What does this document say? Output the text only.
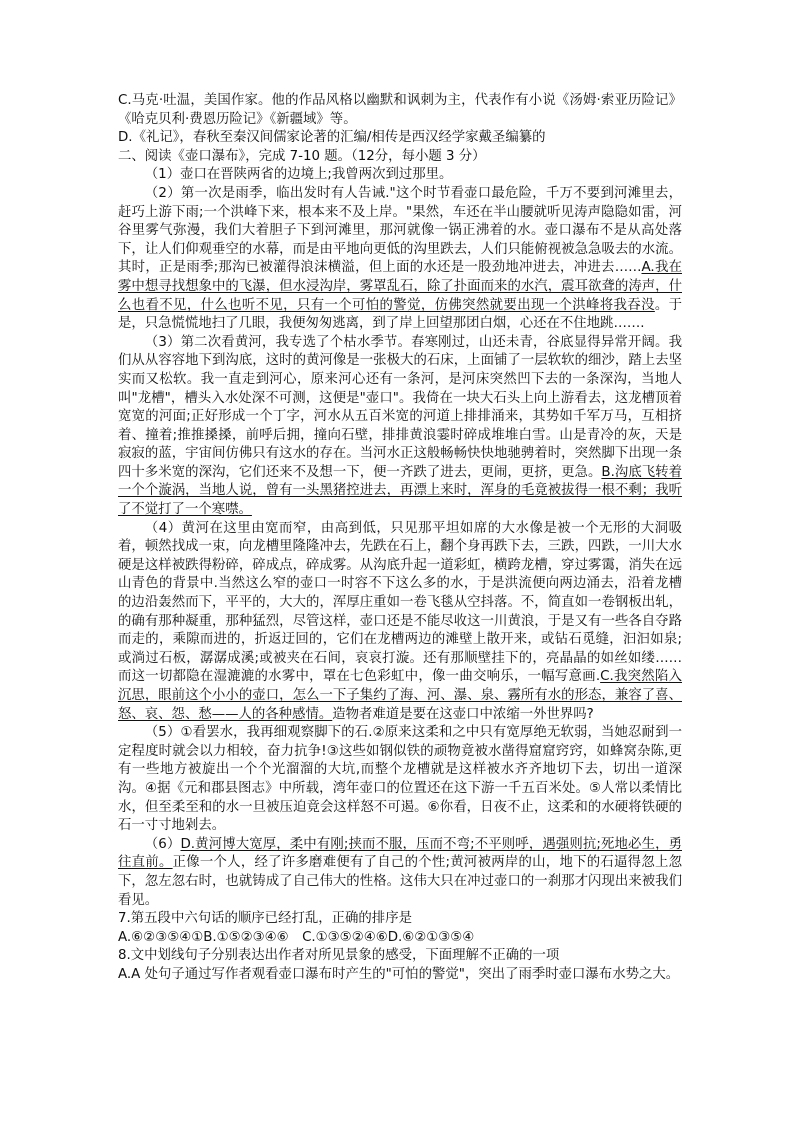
C.马克·吐温，美国作家。他的作品风格以幽默和讽刺为主，代表作有小说《汤姆·索亚历险记》《哈克贝利·费恩历险记》《新疆域》等。

D.《礼记》，春秋至秦汉间儒家论著的汇编/相传是西汉经学家戴圣编纂的

二、阅读《壶口瀑布》，完成 7-10 题。（12分，每小题 3 分）

（1）壶口在晋陕两省的边境上;我曾两次到过那里。

（2）第一次是雨季，临出发时有人告诫."这个时节看壶口最危险，千万不要到河滩里去，赶巧上游下雨;一个洪峰下来，根本来不及上岸。"果然，车还在半山腰就听见涛声隐隐如雷，河谷里雾气弥漫，我们大着胆子下到河滩里，那河就像一锅正沸着的水。壶口瀑布不是从高处落下，让人们仰观垂空的水幕，而是由平地向更低的沟里跌去，人们只能俯视被急急吸去的水流。其时，正是雨季;那沟已被灌得浪沫横溢，但上面的水还是一股劲地冲进去，冲进去……A.我在雾中想寻找想象中的飞瀑，但水浸沟岸，雾罩乱石，除了扑面而来的水汽，震耳欲聋的涛声，什么也看不见，什么也听不见，只有一个可怕的警觉，仿佛突然就要出现一个洪峰将我吞没。于是，只急慌慌地扫了几眼，我便匆匆逃离，到了岸上回望那团白烟，心还在不住地跳…….

（3）第二次看黄河，我专选了个枯水季节。春寒刚过，山还未青，谷底显得异常开阔。我们从从容容地下到沟底，这时的黄河像是一张极大的石床，上面铺了一层软软的细沙，踏上去坚实而又松软。我一直走到河心，原来河心还有一条河，是河床突然凹下去的一条深沟，当地人叫"龙槽"，槽头入水处深不可测，这便是"壶口"。我倚在一块大石头上向上游看去，这龙槽顶着宽宽的河面;正好形成一个丁字，河水从五百米宽的河道上排排涌来，其势如千军万马，互相挤着、撞着;推推搡搡，前呼后拥，撞向石壁，排排黄浪霎时碎成堆堆白雪。山是青冷的灰，天是寂寂的蓝，宇宙间仿佛只有这水的存在。当河水正这般畅畅快快地驰骋着时，突然脚下出现一条四十多米宽的深沟，它们还来不及想一下，便一齐跌了进去，更闹，更挤，更急。B.沟底飞转着一个个漩涡，当地人说，曾有一头黑猪控进去，再漂上来时，浑身的毛竟被拔得一根不剩；我听了不觉打了一个寒噤。

（4）黄河在这里由宽而窄，由高到低，只见那平坦如席的大水像是被一个无形的大洞吸着，顿然找成一束，向龙槽里隆隆冲去，先跌在石上，翻个身再跌下去，三跌，四跌，一川大水硬是这样被跌得粉碎，碎成点，碎成雾。从沟底升起一道彩虹，横跨龙槽，穿过雾霭，消失在远山青色的背景中.当然这么窄的壶口一时容不下这么多的水，于是洪流便向两边涌去，沿着龙槽的边沿轰然而下，平平的，大大的，浑厚庄重如一卷飞毯从空抖落。不，简直如一卷钢板出轧，的确有那种凝重，那种猛烈，尽管这样，壶口还是不能尽收这一川黄浪，于是又有一些各自夺路而走的，乘隙而进的，折返迂回的，它们在龙槽两边的滩壁上散开来，或钻石觅缝，汩汩如泉;或淌过石板，潺潺成溪;或被夹在石间，哀哀打漩。还有那顺壁挂下的，亮晶晶的如丝如缕……而这一切都隐在湿漉漉的水雾中，罩在七色彩虹中，像一曲交响乐，一幅写意画.C.我突然陷入沉思，眼前这个小小的壶口，怎么一下子集约了海、河、瀑、泉、霧所有水的形态，兼容了喜、怒、哀、怨、愁——人的各种感情。造物者难道是要在这壶口中浓缩一外世界吗?

（5）①看罢水，我再细观察脚下的石.②原来这柔和之中只有宽厚绝无软弱，当她忍耐到一定程度时就会以力相较，奋力抗争!③这些如钢似铁的顽物竟被水凿得窟窟窍窍，如蜂窝杂陈,更有一些地方被旋出一个个光溜溜的大坑,而整个龙槽就是这样被水齐齐地切下去，切出一道深沟。④据《元和郡县图志》中所载，湾年壶口的位置还在这下游一千五百米处。⑤人常以柔情比水，但至柔至和的水一旦被压迫竟会这样怒不可遏。⑥你看，日夜不止，这柔和的水硬将铁硬的石一寸寸地剁去。

（6）D.黄河博大宽厚，柔中有刚;挟而不服，压而不弯;不平则呼，遇强则抗;死地必生，勇往直前。正像一个人，经了许多磨难便有了自己的个性;黄河被两岸的山，地下的石逼得忽上忽下，忽左忽右时，也就铸成了自己伟大的性格。这伟大只在冲过壶口的一刹那才闪现出来被我们看见。

7.第五段中六句话的顺序已经打乱，正确的排序是

A.⑥②③⑤④①B.①⑤②③④⑥　C.①③⑤②④⑥D.⑥②①③⑤④

8.文中划线句子分别表达出作者对所见景象的感受，下面理解不正确的一项

A.A 处句子通过写作者观看壶口瀑布时产生的"可怕的警觉"，突出了雨季时壶口瀑布水势之大。
